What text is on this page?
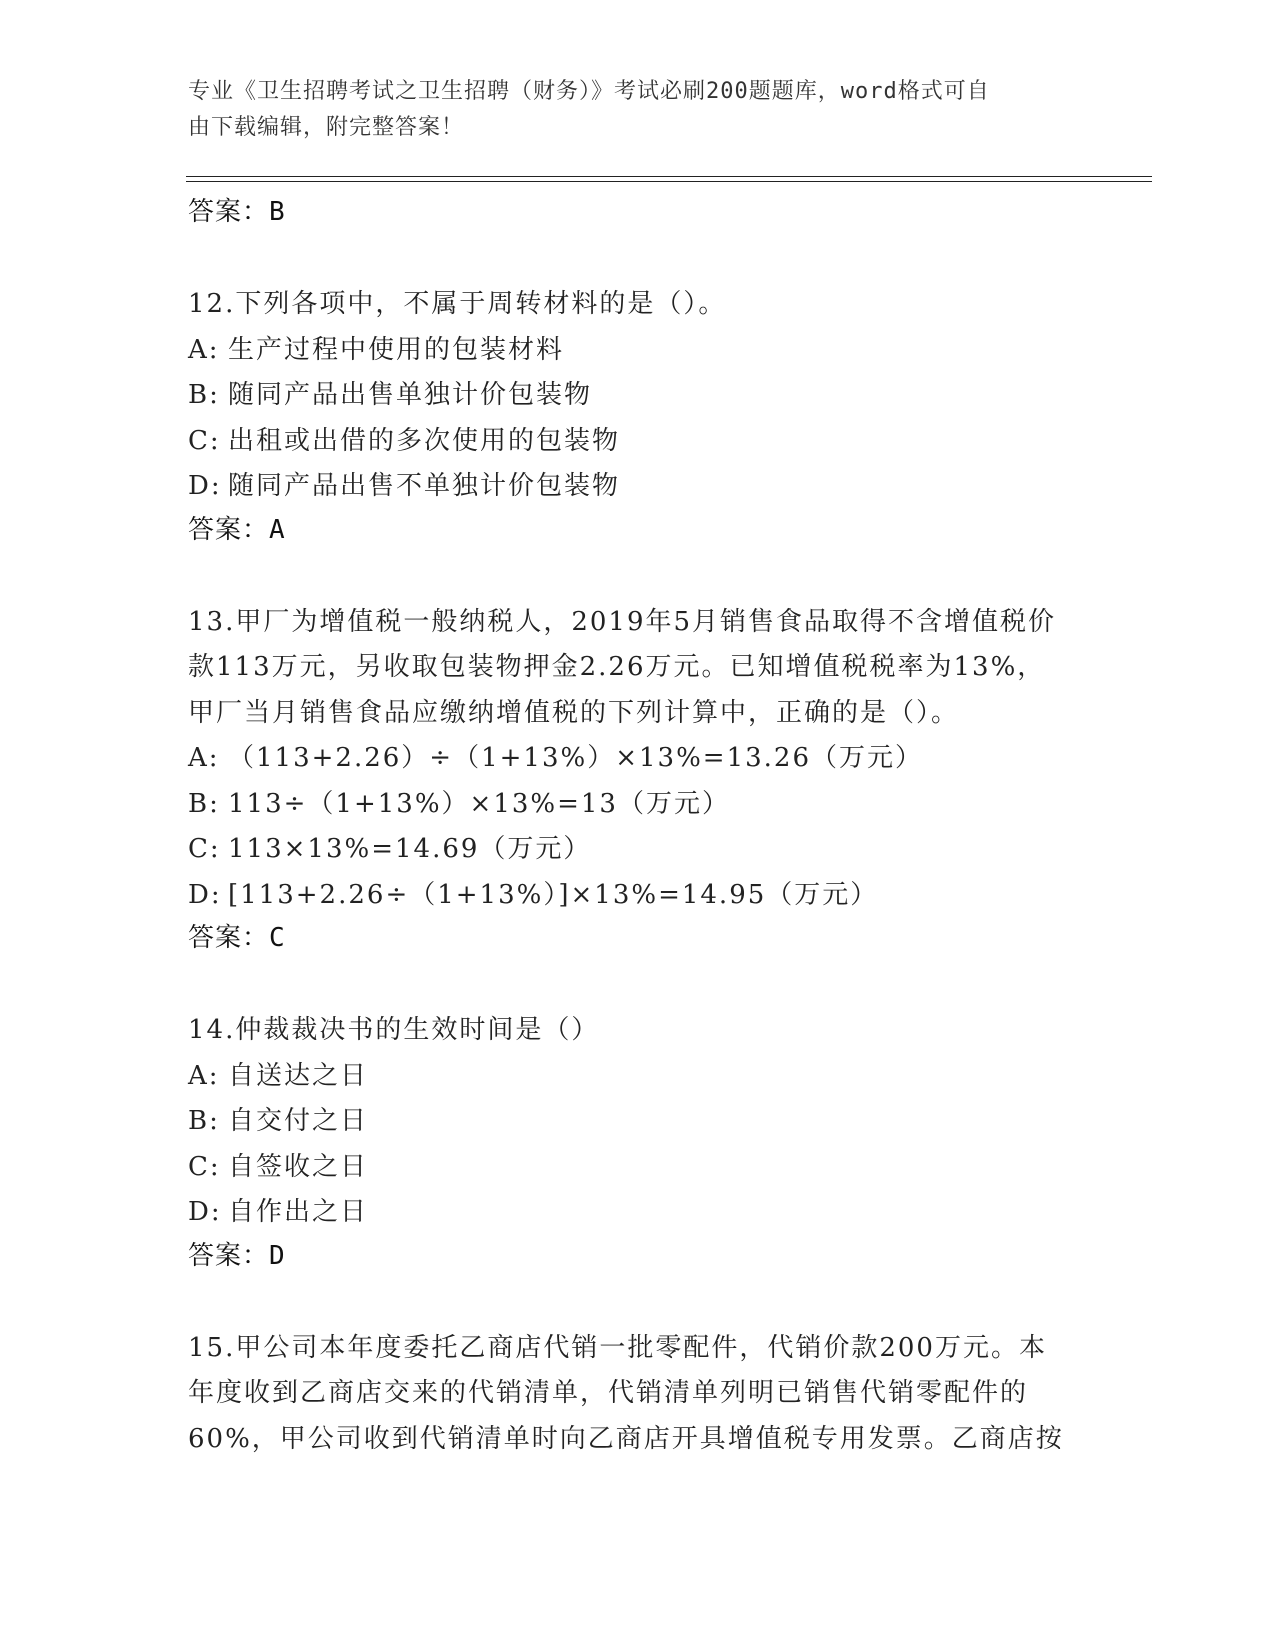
专业《卫生招聘考试之卫生招聘（财务）》考试必刷200题题库，word格式可自
由下载编辑，附完整答案！
答案：B
12.下列各项中，不属于周转材料的是（）。
A: 生产过程中使用的包装材料
B: 随同产品出售单独计价包装物
C: 出租或出借的多次使用的包装物
D: 随同产品出售不单独计价包装物
答案：A
13.甲厂为增值税一般纳税人，2019年5月销售食品取得不含增值税价
款113万元，另收取包装物押金2.26万元。已知增值税税率为13%，
甲厂当月销售食品应缴纳增值税的下列计算中，正确的是（）。
A: （113+2.26）÷（1+13%）×13%=13.26（万元）
B: 113÷（1+13%）×13%=13（万元）
C: 113×13%=14.69（万元）
D: [113+2.26÷（1+13%）]×13%=14.95（万元）
答案：C
14.仲裁裁决书的生效时间是（）
A: 自送达之日
B: 自交付之日
C: 自签收之日
D: 自作出之日
答案：D
15.甲公司本年度委托乙商店代销一批零配件，代销价款200万元。本
年度收到乙商店交来的代销清单，代销清单列明已销售代销零配件的
60%，甲公司收到代销清单时向乙商店开具增值税专用发票。乙商店按
